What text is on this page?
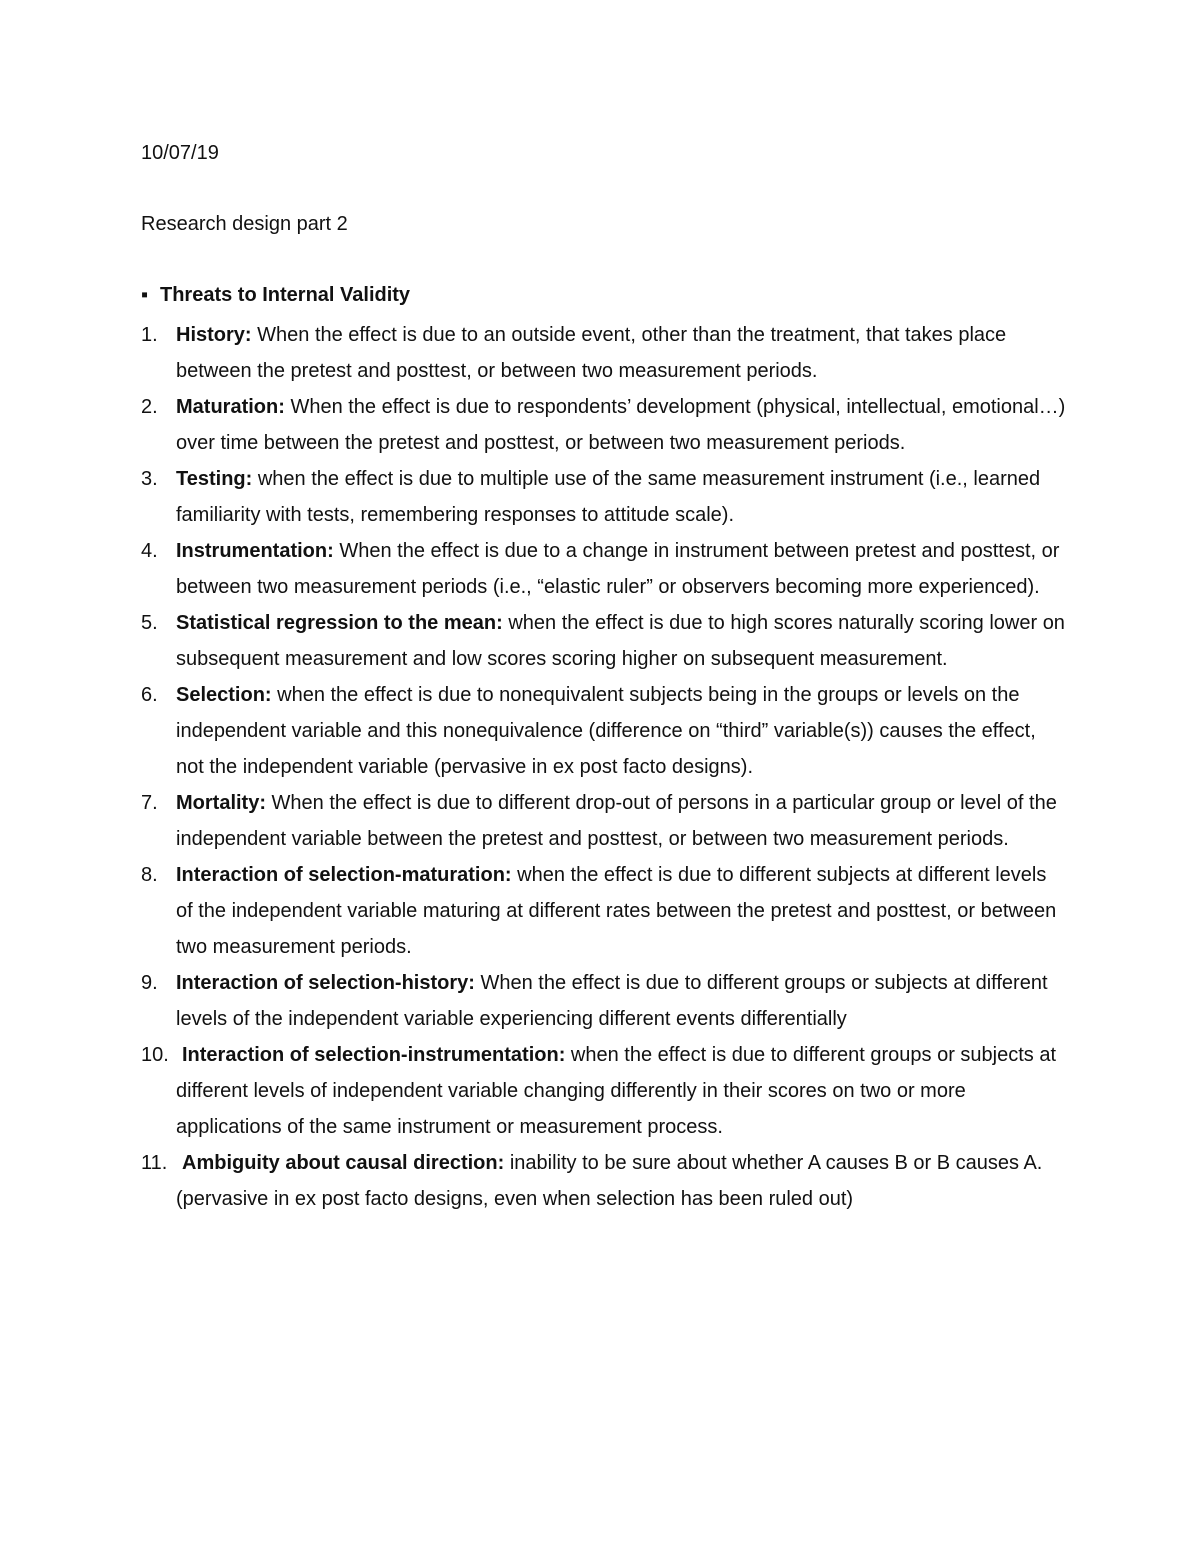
10/07/19
Research design part 2
▪ Threats to Internal Validity
1. History: When the effect is due to an outside event, other than the treatment, that takes place between the pretest and posttest, or between two measurement periods.
2. Maturation: When the effect is due to respondents’ development (physical, intellectual, emotional…) over time between the pretest and posttest, or between two measurement periods.
3. Testing: when the effect is due to multiple use of the same measurement instrument (i.e., learned familiarity with tests, remembering responses to attitude scale).
4. Instrumentation: When the effect is due to a change in instrument between pretest and posttest, or between two measurement periods (i.e., “elastic ruler” or observers becoming more experienced).
5. Statistical regression to the mean: when the effect is due to high scores naturally scoring lower on subsequent measurement and low scores scoring higher on subsequent measurement.
6. Selection: when the effect is due to nonequivalent subjects being in the groups or levels on the independent variable and this nonequivalence (difference on “third” variable(s)) causes the effect, not the independent variable (pervasive in ex post facto designs).
7. Mortality: When the effect is due to different drop-out of persons in a particular group or level of the independent variable between the pretest and posttest, or between two measurement periods.
8. Interaction of selection-maturation: when the effect is due to different subjects at different levels of the independent variable maturing at different rates between the pretest and posttest, or between two measurement periods.
9. Interaction of selection-history: When the effect is due to different groups or subjects at different levels of the independent variable experiencing different events differentially
10. Interaction of selection-instrumentation: when the effect is due to different groups or subjects at different levels of independent variable changing differently in their scores on two or more applications of the same instrument or measurement process.
11. Ambiguity about causal direction: inability to be sure about whether A causes B or B causes A. (pervasive in ex post facto designs, even when selection has been ruled out)
